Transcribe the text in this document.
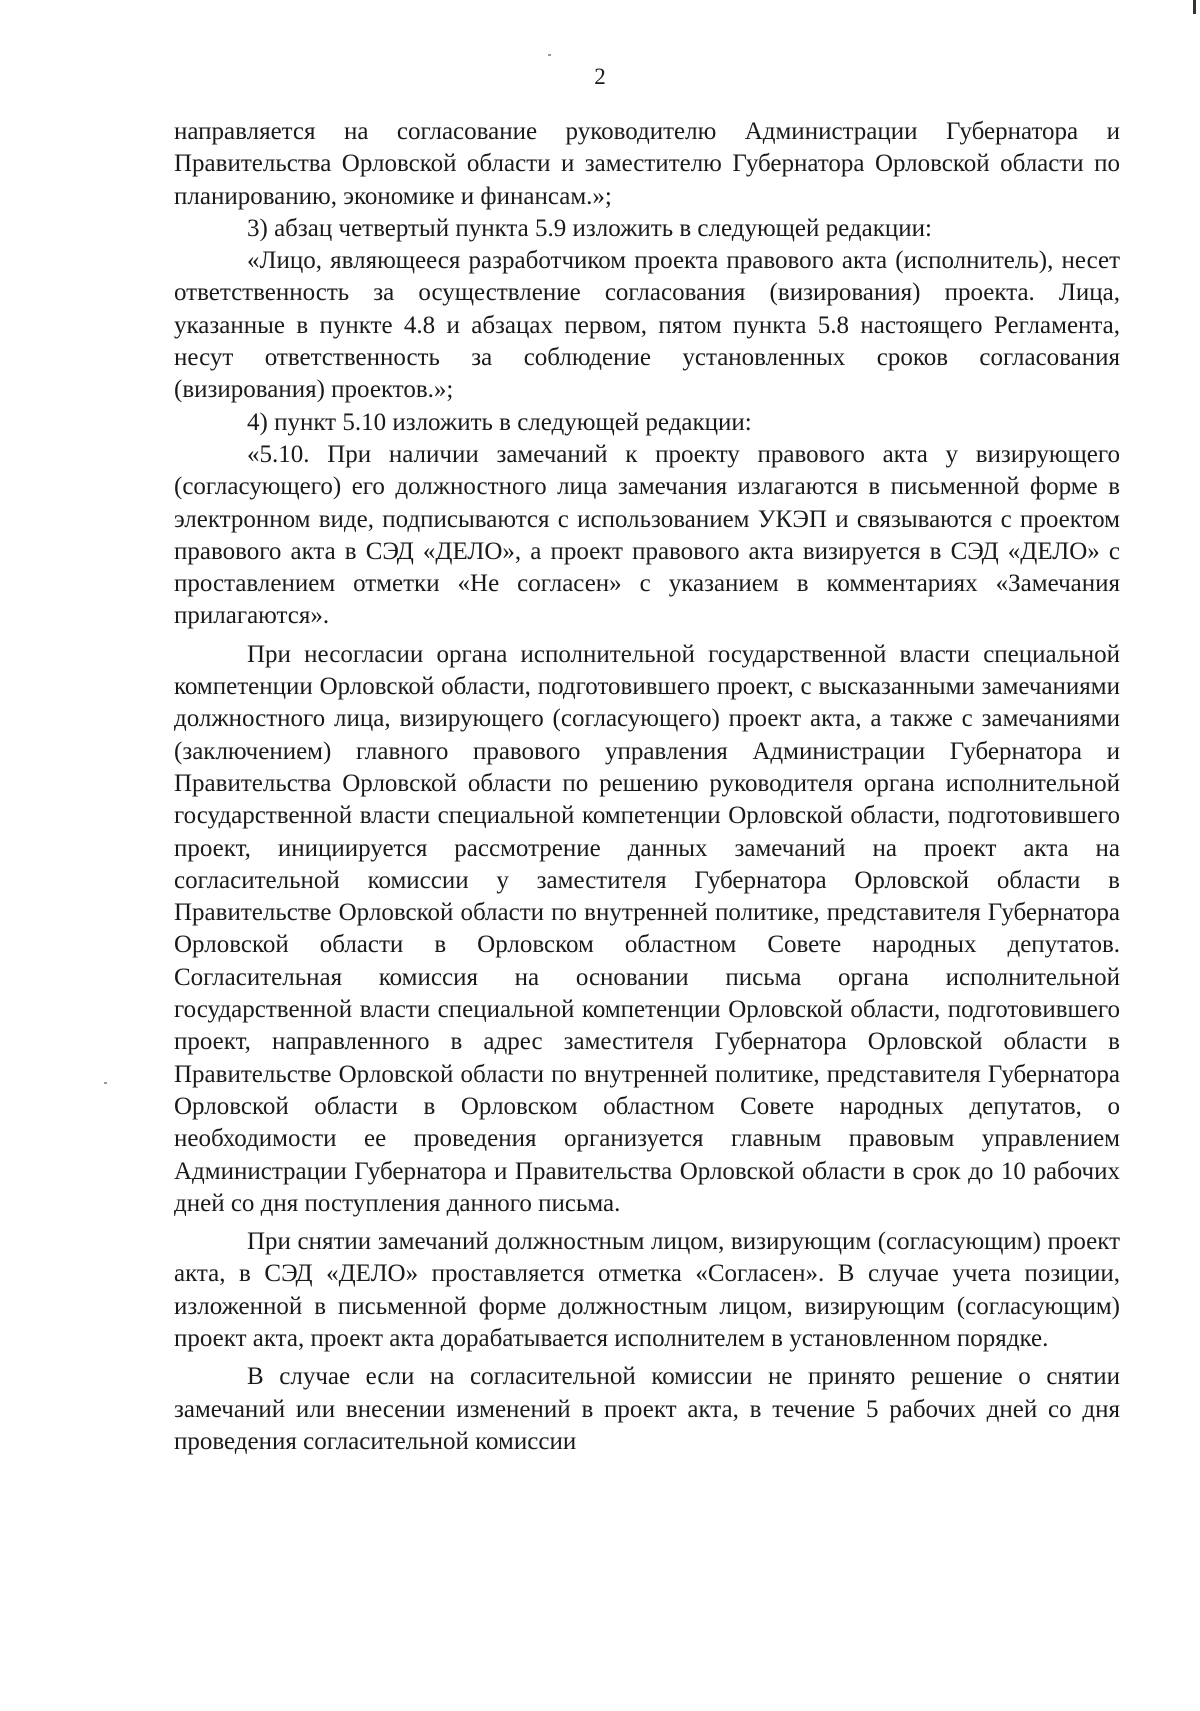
2

направляется на согласование руководителю Администрации Губернатора и Правительства Орловской области и заместителю Губернатора Орловской области по планированию, экономике и финансам.»;

3) абзац четвертый пункта 5.9 изложить в следующей редакции:

«Лицо, являющееся разработчиком проекта правового акта (исполнитель), несет ответственность за осуществление согласования (визирования) проекта. Лица, указанные в пункте 4.8 и абзацах первом, пятом пункта 5.8 настоящего Регламента, несут ответственность за соблюдение установленных сроков согласования (визирования) проектов.»;

4) пункт 5.10 изложить в следующей редакции:

«5.10. При наличии замечаний к проекту правового акта у визирующего (согласующего) его должностного лица замечания излагаются в письменной форме в электронном виде, подписываются с использованием УКЭП и связываются с проектом правового акта в СЭД «ДЕЛО», а проект правового акта визируется в СЭД «ДЕЛО» с проставлением отметки «Не согласен» с указанием в комментариях «Замечания прилагаются».

При несогласии органа исполнительной государственной власти специальной компетенции Орловской области, подготовившего проект, с высказанными замечаниями должностного лица, визирующего (согласующего) проект акта, а также с замечаниями (заключением) главного правового управления Администрации Губернатора и Правительства Орловской области по решению руководителя органа исполнительной государственной власти специальной компетенции Орловской области, подготовившего проект, инициируется рассмотрение данных замечаний на проект акта на согласительной комиссии у заместителя Губернатора Орловской области в Правительстве Орловской области по внутренней политике, представителя Губернатора Орловской области в Орловском областном Совете народных депутатов. Согласительная комиссия на основании письма органа исполнительной государственной власти специальной компетенции Орловской области, подготовившего проект, направленного в адрес заместителя Губернатора Орловской области в Правительстве Орловской области по внутренней политике, представителя Губернатора Орловской области в Орловском областном Совете народных депутатов, о необходимости ее проведения организуется главным правовым управлением Администрации Губернатора и Правительства Орловской области в срок до 10 рабочих дней со дня поступления данного письма.

При снятии замечаний должностным лицом, визирующим (согласующим) проект акта, в СЭД «ДЕЛО» проставляется отметка «Согласен». В случае учета позиции, изложенной в письменной форме должностным лицом, визирующим (согласующим) проект акта, проект акта дорабатывается исполнителем в установленном порядке.

В случае если на согласительной комиссии не принято решение о снятии замечаний или внесении изменений в проект акта, в течение 5 рабочих дней со дня проведения согласительной комиссии
